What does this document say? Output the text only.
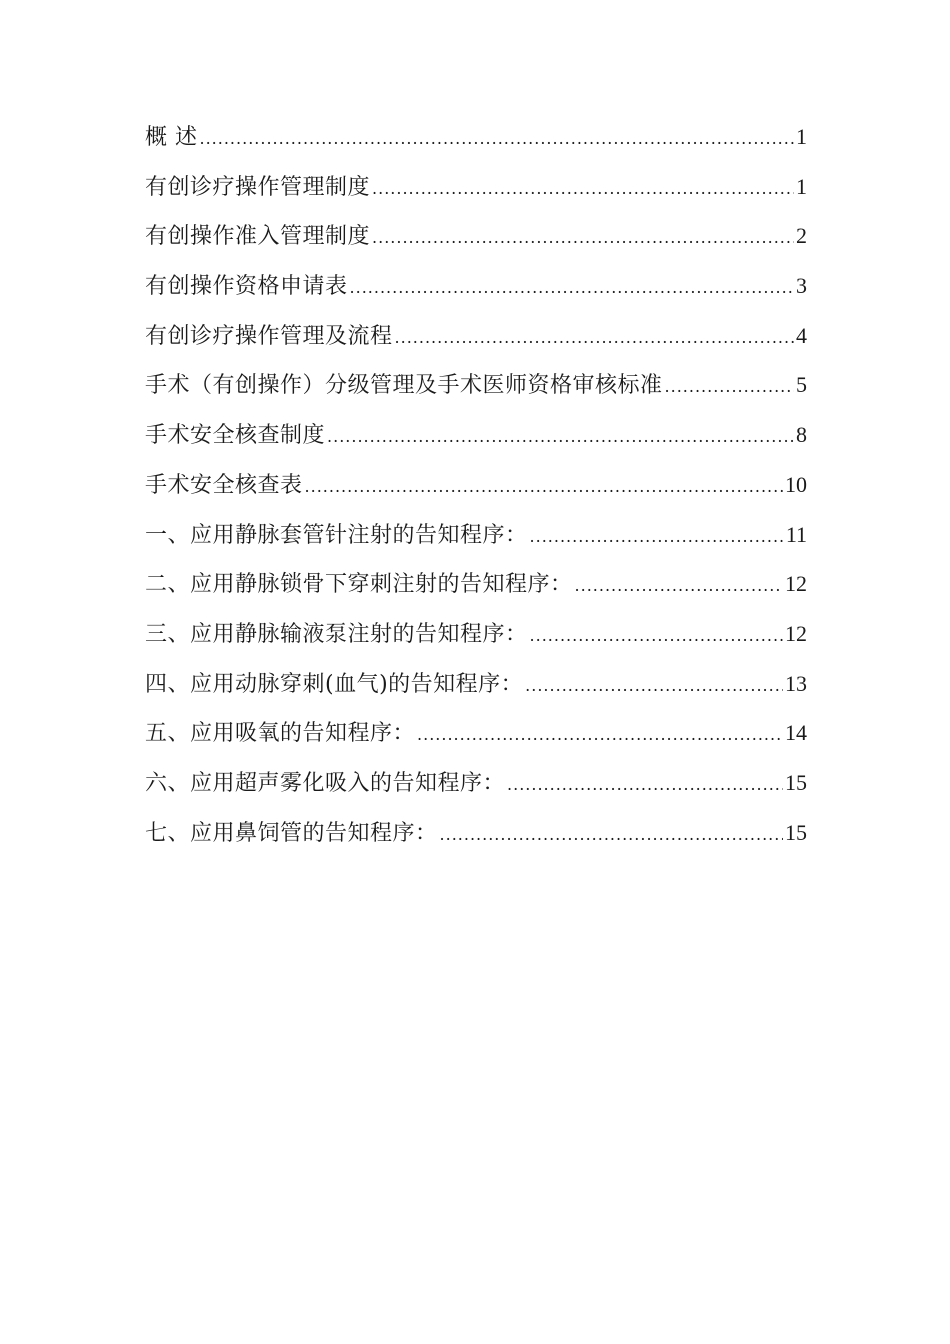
概 述 .....	1
有创诊疗操作管理制度 .....	1
有创操作准入管理制度 .....	2
有创操作资格申请表 .....	3
有创诊疗操作管理及流程 .....	4
手术（有创操作）分级管理及手术医师资格审核标准 .....	5
手术安全核查制度 .....	8
手术安全核查表 .....	10
一、应用静脉套管针注射的告知程序： .....	11
二、应用静脉锁骨下穿刺注射的告知程序： .....	12
三、应用静脉输液泵注射的告知程序： .....	12
四、应用动脉穿刺(血气)的告知程序： .....	13
五、应用吸氧的告知程序： .....	14
六、应用超声雾化吸入的告知程序： .....	15
七、应用鼻饲管的告知程序： .....	15
